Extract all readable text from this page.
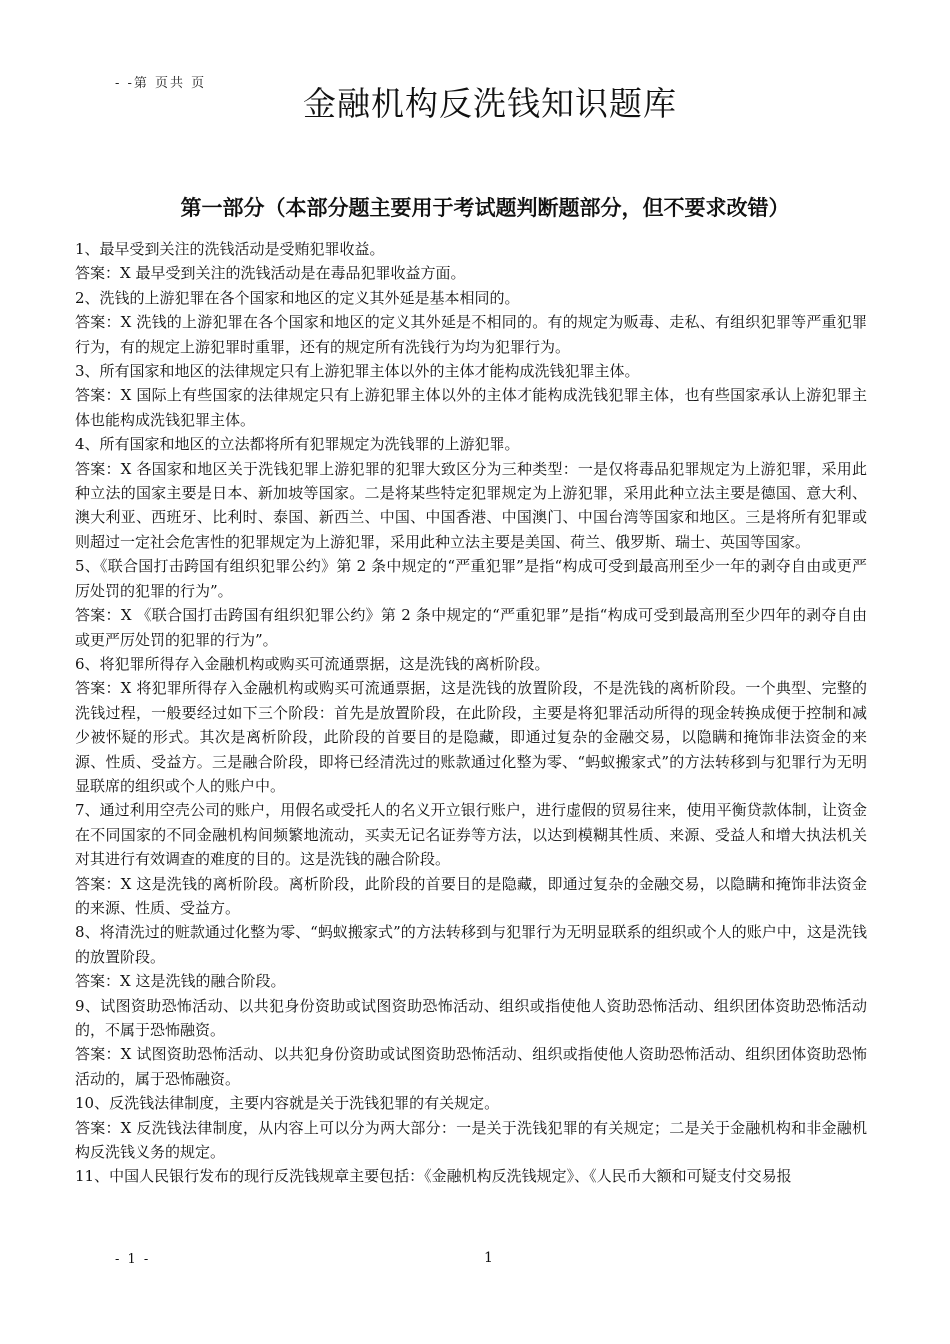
- -第 页共 页
金融机构反洗钱知识题库
第一部分（本部分题主要用于考试题判断题部分，但不要求改错）

1、最早受到关注的洗钱活动是受贿犯罪收益。

答案：X 最早受到关注的洗钱活动是在毒品犯罪收益方面。

2、洗钱的上游犯罪在各个国家和地区的定义其外延是基本相同的。

答案：X 洗钱的上游犯罪在各个国家和地区的定义其外延是不相同的。有的规定为贩毒、走私、有组织犯罪等严重犯罪行为，有的规定上游犯罪时重罪，还有的规定所有洗钱行为均为犯罪行为。

3、所有国家和地区的法律规定只有上游犯罪主体以外的主体才能构成洗钱犯罪主体。

答案：X 国际上有些国家的法律规定只有上游犯罪主体以外的主体才能构成洗钱犯罪主体，也有些国家承认上游犯罪主体也能构成洗钱犯罪主体。

4、所有国家和地区的立法都将所有犯罪规定为洗钱罪的上游犯罪。

答案：X 各国家和地区关于洗钱犯罪上游犯罪的犯罪大致区分为三种类型：一是仅将毒品犯罪规定为上游犯罪，采用此种立法的国家主要是日本、新加坡等国家。二是将某些特定犯罪规定为上游犯罪，采用此种立法主要是德国、意大利、澳大利亚、西班牙、比利时、泰国、新西兰、中国、中国香港、中国澳门、中国台湾等国家和地区。三是将所有犯罪或则超过一定社会危害性的犯罪规定为上游犯罪，采用此种立法主要是美国、荷兰、俄罗斯、瑞士、英国等国家。

5、《联合国打击跨国有组织犯罪公约》第 2 条中规定的“严重犯罪”是指“构成可受到最高刑至少一年的剥夺自由或更严厉处罚的犯罪的行为”。

答案：X 《联合国打击跨国有组织犯罪公约》第 2 条中规定的“严重犯罪”是指“构成可受到最高刑至少四年的剥夺自由或更严厉处罚的犯罪的行为”。

6、将犯罪所得存入金融机构或购买可流通票据，这是洗钱的离析阶段。

答案：X 将犯罪所得存入金融机构或购买可流通票据，这是洗钱的放置阶段，不是洗钱的离析阶段。一个典型、完整的洗钱过程，一般要经过如下三个阶段：首先是放置阶段，在此阶段，主要是将犯罪活动所得的现金转换成便于控制和减少被怀疑的形式。其次是离析阶段，此阶段的首要目的是隐藏，即通过复杂的金融交易，以隐瞒和掩饰非法资金的来源、性质、受益方。三是融合阶段，即将已经清洗过的账款通过化整为零、“蚂蚁搬家式”的方法转移到与犯罪行为无明显联席的组织或个人的账户中。

7、通过利用空壳公司的账户，用假名或受托人的名义开立银行账户，进行虚假的贸易往来，使用平衡贷款体制，让资金在不同国家的不同金融机构间频繁地流动，买卖无记名证券等方法，以达到模糊其性质、来源、受益人和增大执法机关对其进行有效调查的难度的目的。这是洗钱的融合阶段。

答案：X 这是洗钱的离析阶段。离析阶段，此阶段的首要目的是隐藏，即通过复杂的金融交易，以隐瞒和掩饰非法资金的来源、性质、受益方。

8、将清洗过的赃款通过化整为零、“蚂蚁搬家式”的方法转移到与犯罪行为无明显联系的组织或个人的账户中，这是洗钱的放置阶段。

答案：X 这是洗钱的融合阶段。

9、试图资助恐怖活动、以共犯身份资助或试图资助恐怖活动、组织或指使他人资助恐怖活动、组织团体资助恐怖活动的，不属于恐怖融资。

答案：X 试图资助恐怖活动、以共犯身份资助或试图资助恐怖活动、组织或指使他人资助恐怖活动、组织团体资助恐怖活动的，属于恐怖融资。

10、反洗钱法律制度，主要内容就是关于洗钱犯罪的有关规定。

答案：X 反洗钱法律制度，从内容上可以分为两大部分：一是关于洗钱犯罪的有关规定；二是关于金融机构和非金融机构反洗钱义务的规定。

11、中国人民银行发布的现行反洗钱规章主要包括：《金融机构反洗钱规定》、《人民币大额和可疑支付交易报

- 1 -	1
